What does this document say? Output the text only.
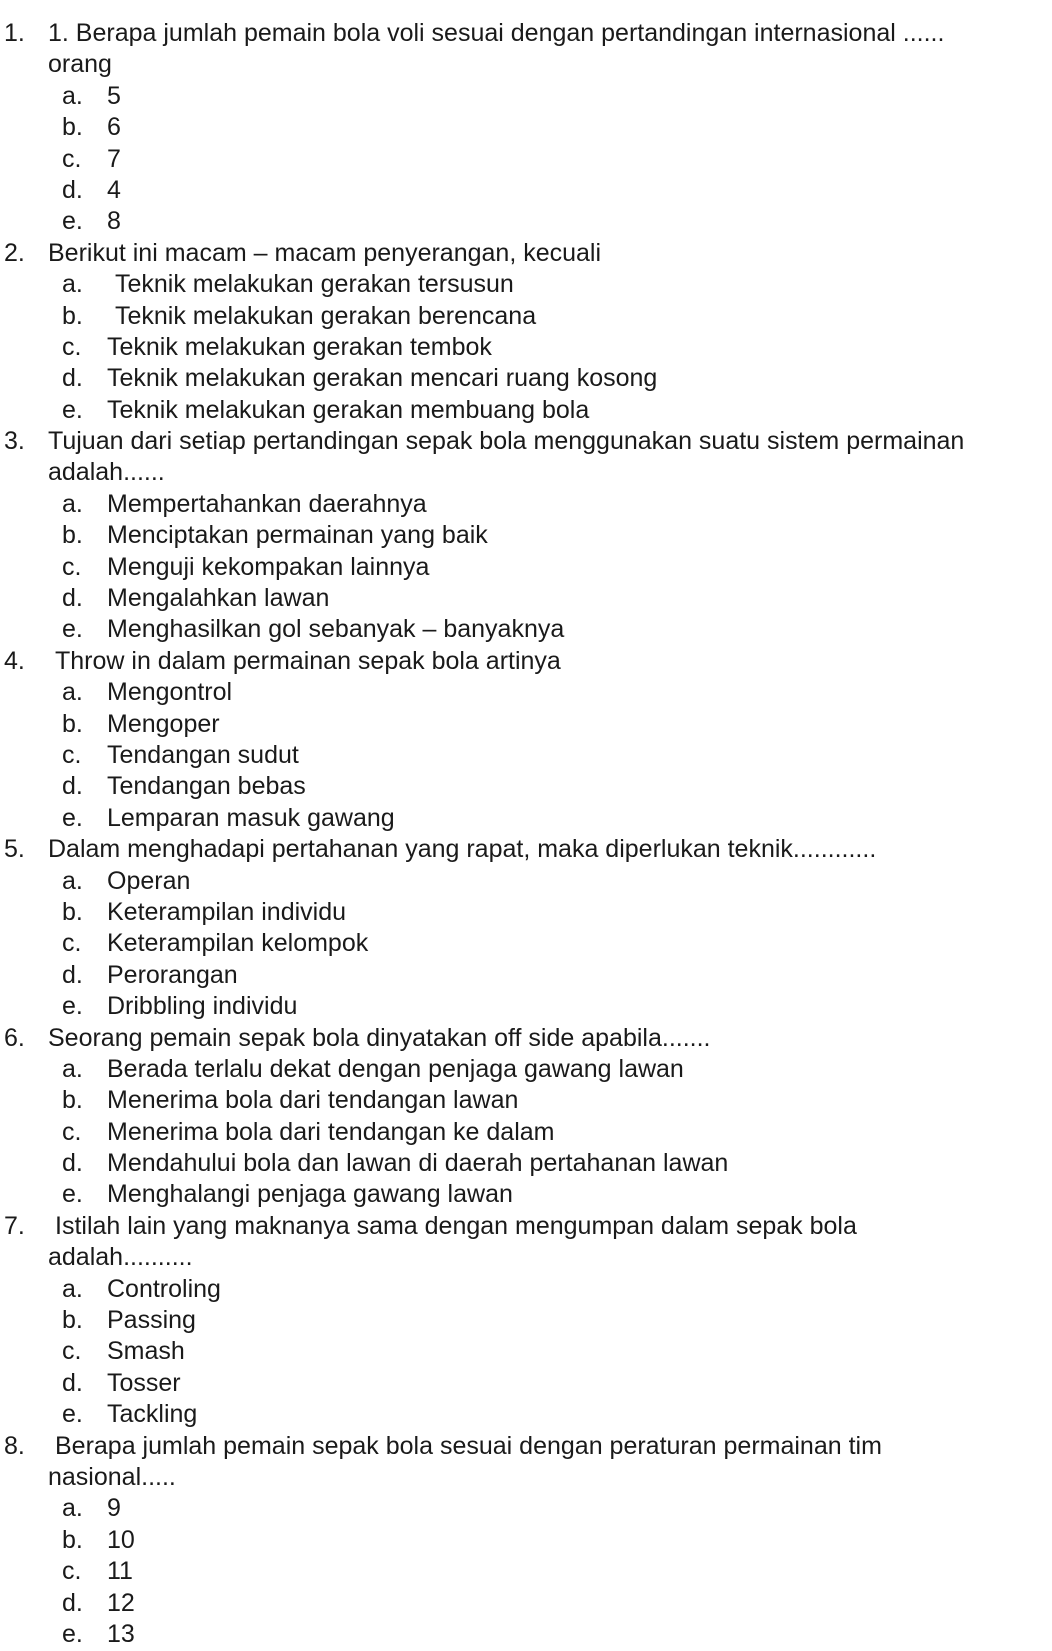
1. 1. Berapa jumlah pemain bola voli sesuai dengan pertandingan internasional ......
orang
a. 5
b. 6
c. 7
d. 4
e. 8
2. Berikut ini macam – macam penyerangan, kecuali
a. Teknik melakukan gerakan tersusun
b. Teknik melakukan gerakan berencana
c. Teknik melakukan gerakan tembok
d. Teknik melakukan gerakan mencari ruang kosong
e. Teknik melakukan gerakan membuang bola
3. Tujuan dari setiap pertandingan sepak bola menggunakan suatu sistem permainan
adalah......
a. Mempertahankan daerahnya
b. Menciptakan permainan yang baik
c. Menguji kekompakan lainnya
d. Mengalahkan lawan
e. Menghasilkan gol sebanyak – banyaknya
4. Throw in dalam permainan sepak bola artinya
a. Mengontrol
b. Mengoper
c. Tendangan sudut
d. Tendangan bebas
e. Lemparan masuk gawang
5. Dalam menghadapi pertahanan yang rapat, maka diperlukan teknik............
a. Operan
b. Keterampilan individu
c. Keterampilan kelompok
d. Perorangan
e. Dribbling individu
6. Seorang pemain sepak bola dinyatakan off side apabila.......
a. Berada terlalu dekat dengan penjaga gawang lawan
b. Menerima bola dari tendangan lawan
c. Menerima bola dari tendangan ke dalam
d. Mendahului bola dan lawan di daerah pertahanan lawan
e. Menghalangi penjaga gawang lawan
7. Istilah lain yang maknanya sama dengan mengumpan dalam sepak bola
adalah..........
a. Controling
b. Passing
c. Smash
d. Tosser
e. Tackling
8. Berapa jumlah pemain sepak bola sesuai dengan peraturan permainan tim
nasional.....
a. 9
b. 10
c. 11
d. 12
e. 13
